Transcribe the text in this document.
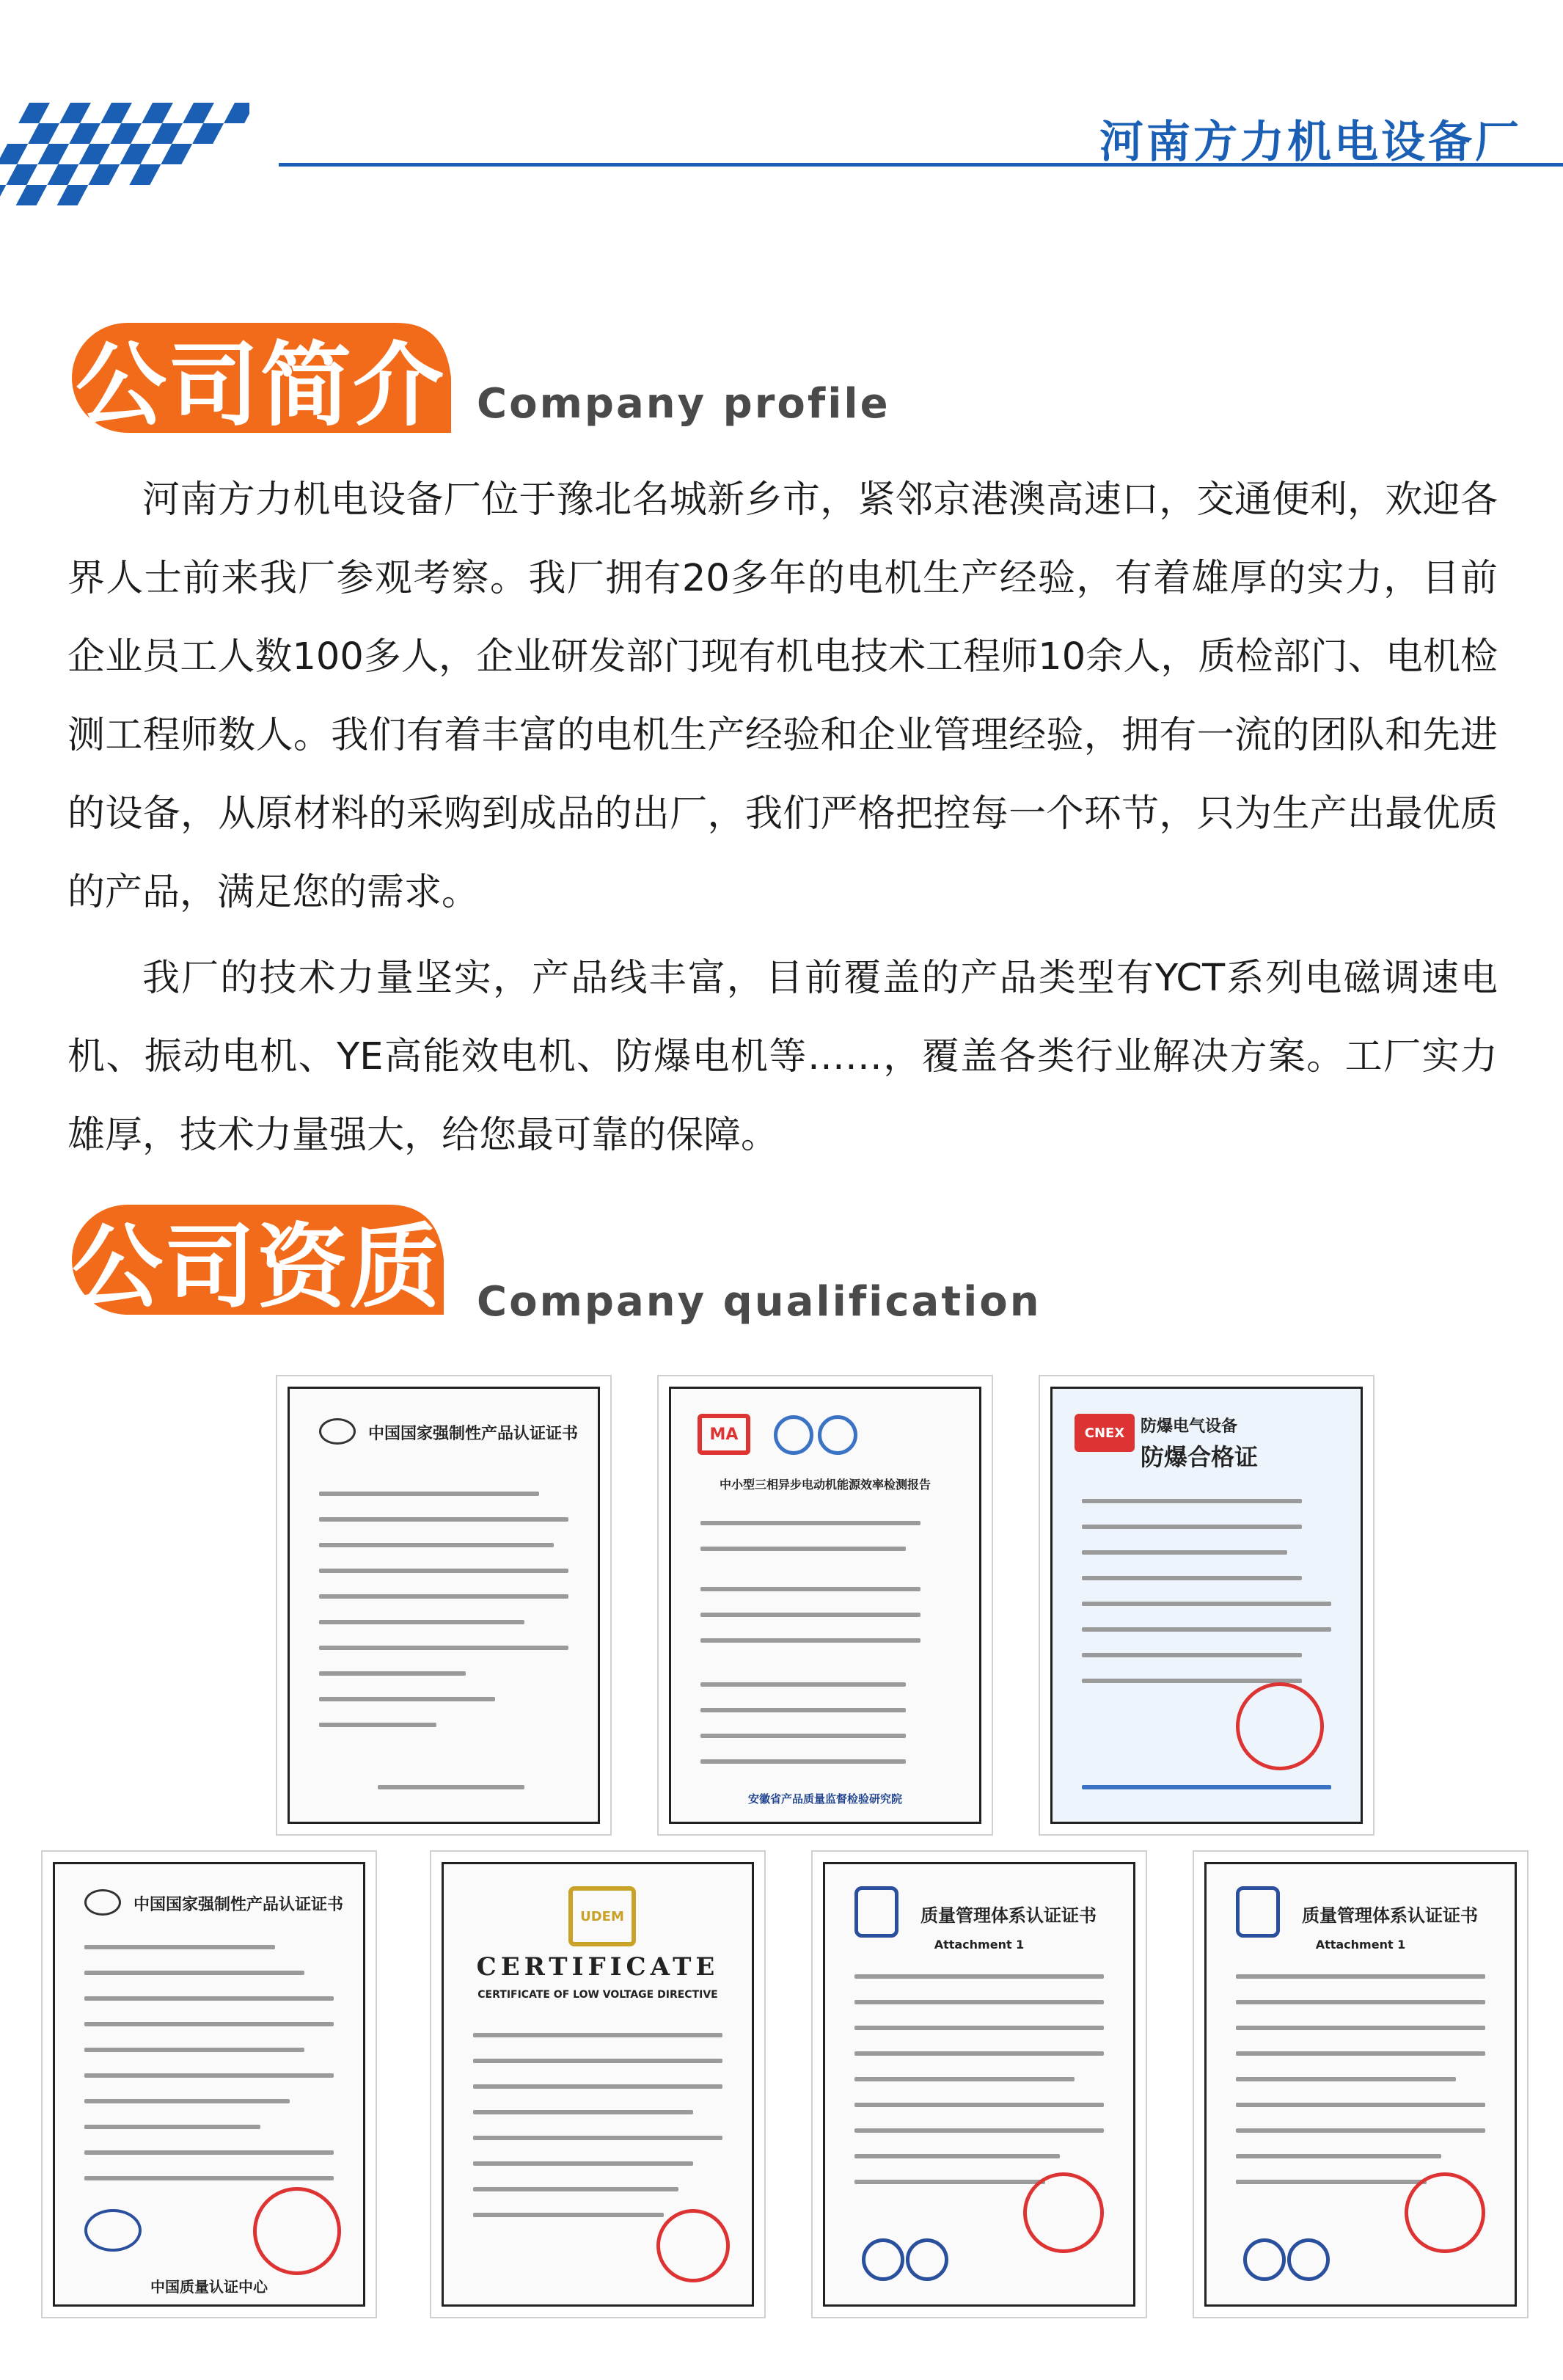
河南方力机电设备厂
公司简介 Company profile

河南方力机电设备厂位于豫北名城新乡市，紧邻京港澳高速口，交通便利，欢迎各界人士前来我厂参观考察。我厂拥有20多年的电机生产经验，有着雄厚的实力，目前企业员工人数100多人，企业研发部门现有机电技术工程师10余人，质检部门、电机检测工程师数人。我们有着丰富的电机生产经验和企业管理经验，拥有一流的团队和先进的设备，从原材料的采购到成品的出厂，我们严格把控每一个环节，只为生产出最优质的产品，满足您的需求。

我厂的技术力量坚实，产品线丰富，目前覆盖的产品类型有YCT系列电磁调速电机、振动电机、YE高能效电机、防爆电机等……，覆盖各类行业解决方案。工厂实力雄厚，技术力量强大，给您最可靠的保障。

公司资质 Company qualification
中国国家强制性产品认证证书	MA
中小型三相异步电动机能源效率检测报告
安徽省产品质量监督检验研究院
CNEX 防爆电气设备
防爆合格证
中国国家强制性产品认证证书
中国质量认证中心
UDEM
CERTIFICATE
CERTIFICATE OF LOW VOLTAGE DIRECTIVE
质量管理体系认证证书
Attachment 1
质量管理体系认证证书
Attachment 1
